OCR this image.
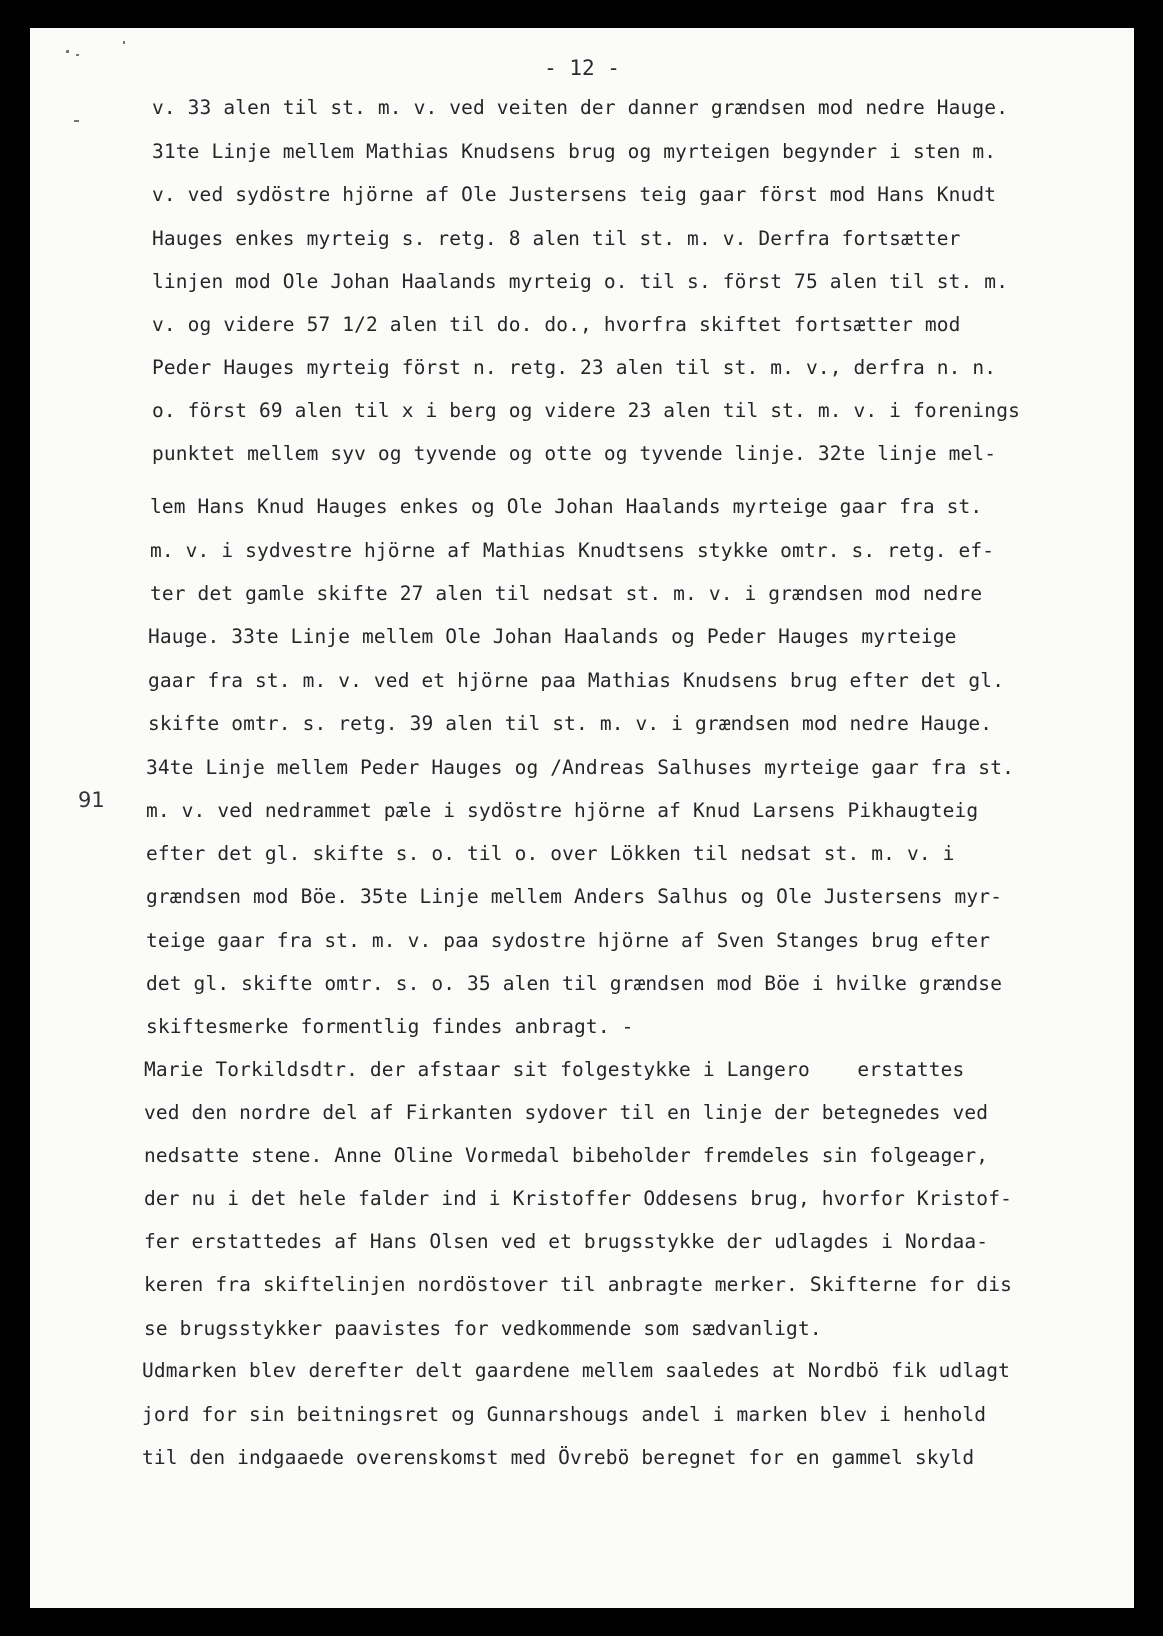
- 12 -
91
v. 33 alen til st. m. v. ved veiten der danner grændsen mod nedre Hauge.
31te Linje mellem Mathias Knudsens brug og myrteigen begynder i sten m.
v. ved sydöstre hjörne af Ole Justersens teig gaar först mod Hans Knudt
Hauges enkes myrteig s. retg. 8 alen til st. m. v. Derfra fortsætter
linjen mod Ole Johan Haalands myrteig o. til s. först 75 alen til st. m.
v. og videre 57 1/2 alen til do. do., hvorfra skiftet fortsætter mod
Peder Hauges myrteig först n. retg. 23 alen til st. m. v., derfra n. n.
o. först 69 alen til x i berg og videre 23 alen til st. m. v. i forenings
punktet mellem syv og tyvende og otte og tyvende linje. 32te linje mel-
lem Hans Knud Hauges enkes og Ole Johan Haalands myrteige gaar fra st.
m. v. i sydvestre hjörne af Mathias Knudtsens stykke omtr. s. retg. ef-
ter det gamle skifte 27 alen til nedsat st. m. v. i grændsen mod nedre
Hauge. 33te Linje mellem Ole Johan Haalands og Peder Hauges myrteige
gaar fra st. m. v. ved et hjörne paa Mathias Knudsens brug efter det gl.
skifte omtr. s. retg. 39 alen til st. m. v. i grændsen mod nedre Hauge.
34te Linje mellem Peder Hauges og /Andreas Salhuses myrteige gaar fra st.
m. v. ved nedrammet pæle i sydöstre hjörne af Knud Larsens Pikhaugteig
efter det gl. skifte s. o. til o. over Lökken til nedsat st. m. v. i
grændsen mod Böe. 35te Linje mellem Anders Salhus og Ole Justersens myr-
teige gaar fra st. m. v. paa sydostre hjörne af Sven Stanges brug efter
det gl. skifte omtr. s. o. 35 alen til grændsen mod Böe i hvilke grændse
skiftesmerke formentlig findes anbragt. -
Marie Torkildsdtr. der afstaar sit folgestykke i Langero    erstattes
ved den nordre del af Firkanten sydover til en linje der betegnedes ved
nedsatte stene. Anne Oline Vormedal bibeholder fremdeles sin folgeager,
der nu i det hele falder ind i Kristoffer Oddesens brug, hvorfor Kristof-
fer erstattedes af Hans Olsen ved et brugsstykke der udlagdes i Nordaa-
keren fra skiftelinjen nordöstover til anbragte merker. Skifterne for dis
se brugsstykker paavistes for vedkommende som sædvanligt.
Udmarken blev derefter delt gaardene mellem saaledes at Nordbö fik udlagt
jord for sin beitningsret og Gunnarshougs andel i marken blev i henhold
til den indgaaede overenskomst med Övrebö beregnet for en gammel skyld
